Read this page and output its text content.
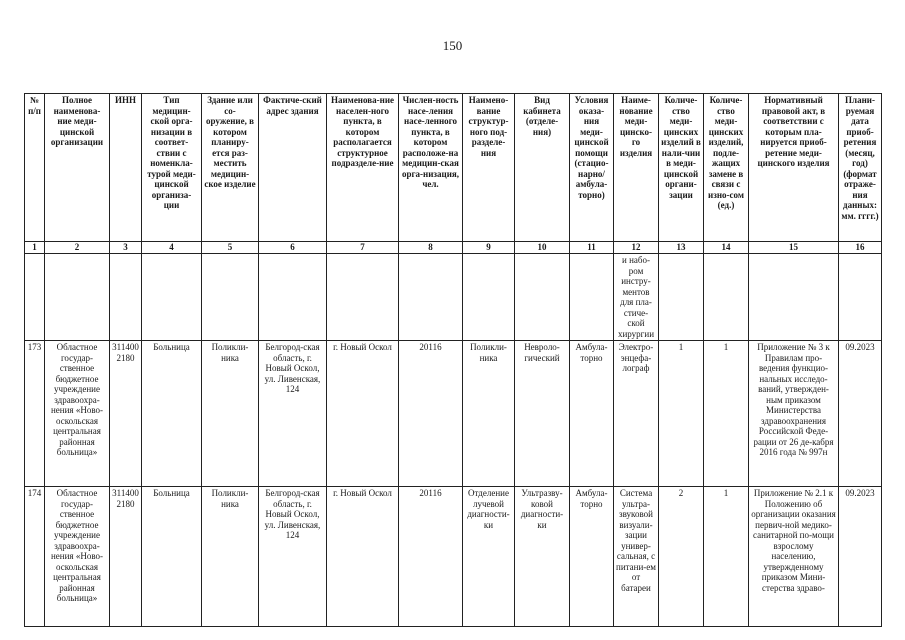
150
№ п/п	Полное наименова-ние меди-цинской организации	ИНН	Тип медицин-ской орга-низации в соответ-ствии с номенкла-турой меди-цинской организа-ции	Здание или со-оружение, в котором планиру-ется раз-местить медицин-ское изделие	Фактиче-ский адрес здания	Наименова-ние населен-ного пункта, в котором располагается структурное подразделе-ние	Числен-ность насе-ления насе-ленного пункта, в котором расположе-на медицин-ская орга-низация, чел.	Наимено-вание структур-ного под-разделе-ния	Вид кабинета (отделе-ния)	Условия оказа-ния меди-цинской помощи (стацио-нарно/ амбула-торно)	Наиме-нование меди-цинско-го изделия	Количе-ство меди-цинских изделий в нали-чии в меди-цинской органи-зации	Количе-ство меди-цинских изделий, подле-жащих замене в связи с изно-сом (ед.)	Нормативный правовой акт, в соответствии с которым пла-нируется приоб-ретение меди-цинского изделия	Плани-руемая дата приоб-ретения (месяц, год) (формат отраже-ния данных: мм. гггг.)
1	2	3	4	5	6	7	8	9	10	11	12	13	14	15	16
											и набо-ром инстру-ментов для пла-стиче-ской хирургии				
173	Областное государ-ственное бюджетное учреждение здравоохра-нения «Ново-оскольская центральная районная больница»	311400 2180	Больница	Поликли-ника	Белгород-ская область, г. Новый Оскол, ул. Ливенская, 124	г. Новый Оскол	20116	Поликли-ника	Невроло-гический	Амбула-торно	Электро-энцефа-лограф	1	1	Приложение № 3 к Правилам про-ведения функцио-нальных исследо-ваний, утвержден-ным приказом Министерства здравоохранения Российской Феде-рации от 26 де-кабря 2016 года № 997н	09.2023
174	Областное государ-ственное бюджетное учреждение здравоохра-нения «Ново-оскольская центральная районная больница»	311400 2180	Больница	Поликли-ника	Белгород-ская область, г. Новый Оскол, ул. Ливенская, 124	г. Новый Оскол	20116	Отделение лучевой диагности-ки	Ультразву-ковой диагности-ки	Амбула-торно	Система ультра-звуковой визуали-зации универ-сальная, с питани-ем от батареи	2	1	Приложение № 2.1 к Положению об организации оказания первич-ной медико-санитарной по-мощи взрослому населению, утвержденному приказом Мини-стерства здраво-	09.2023
